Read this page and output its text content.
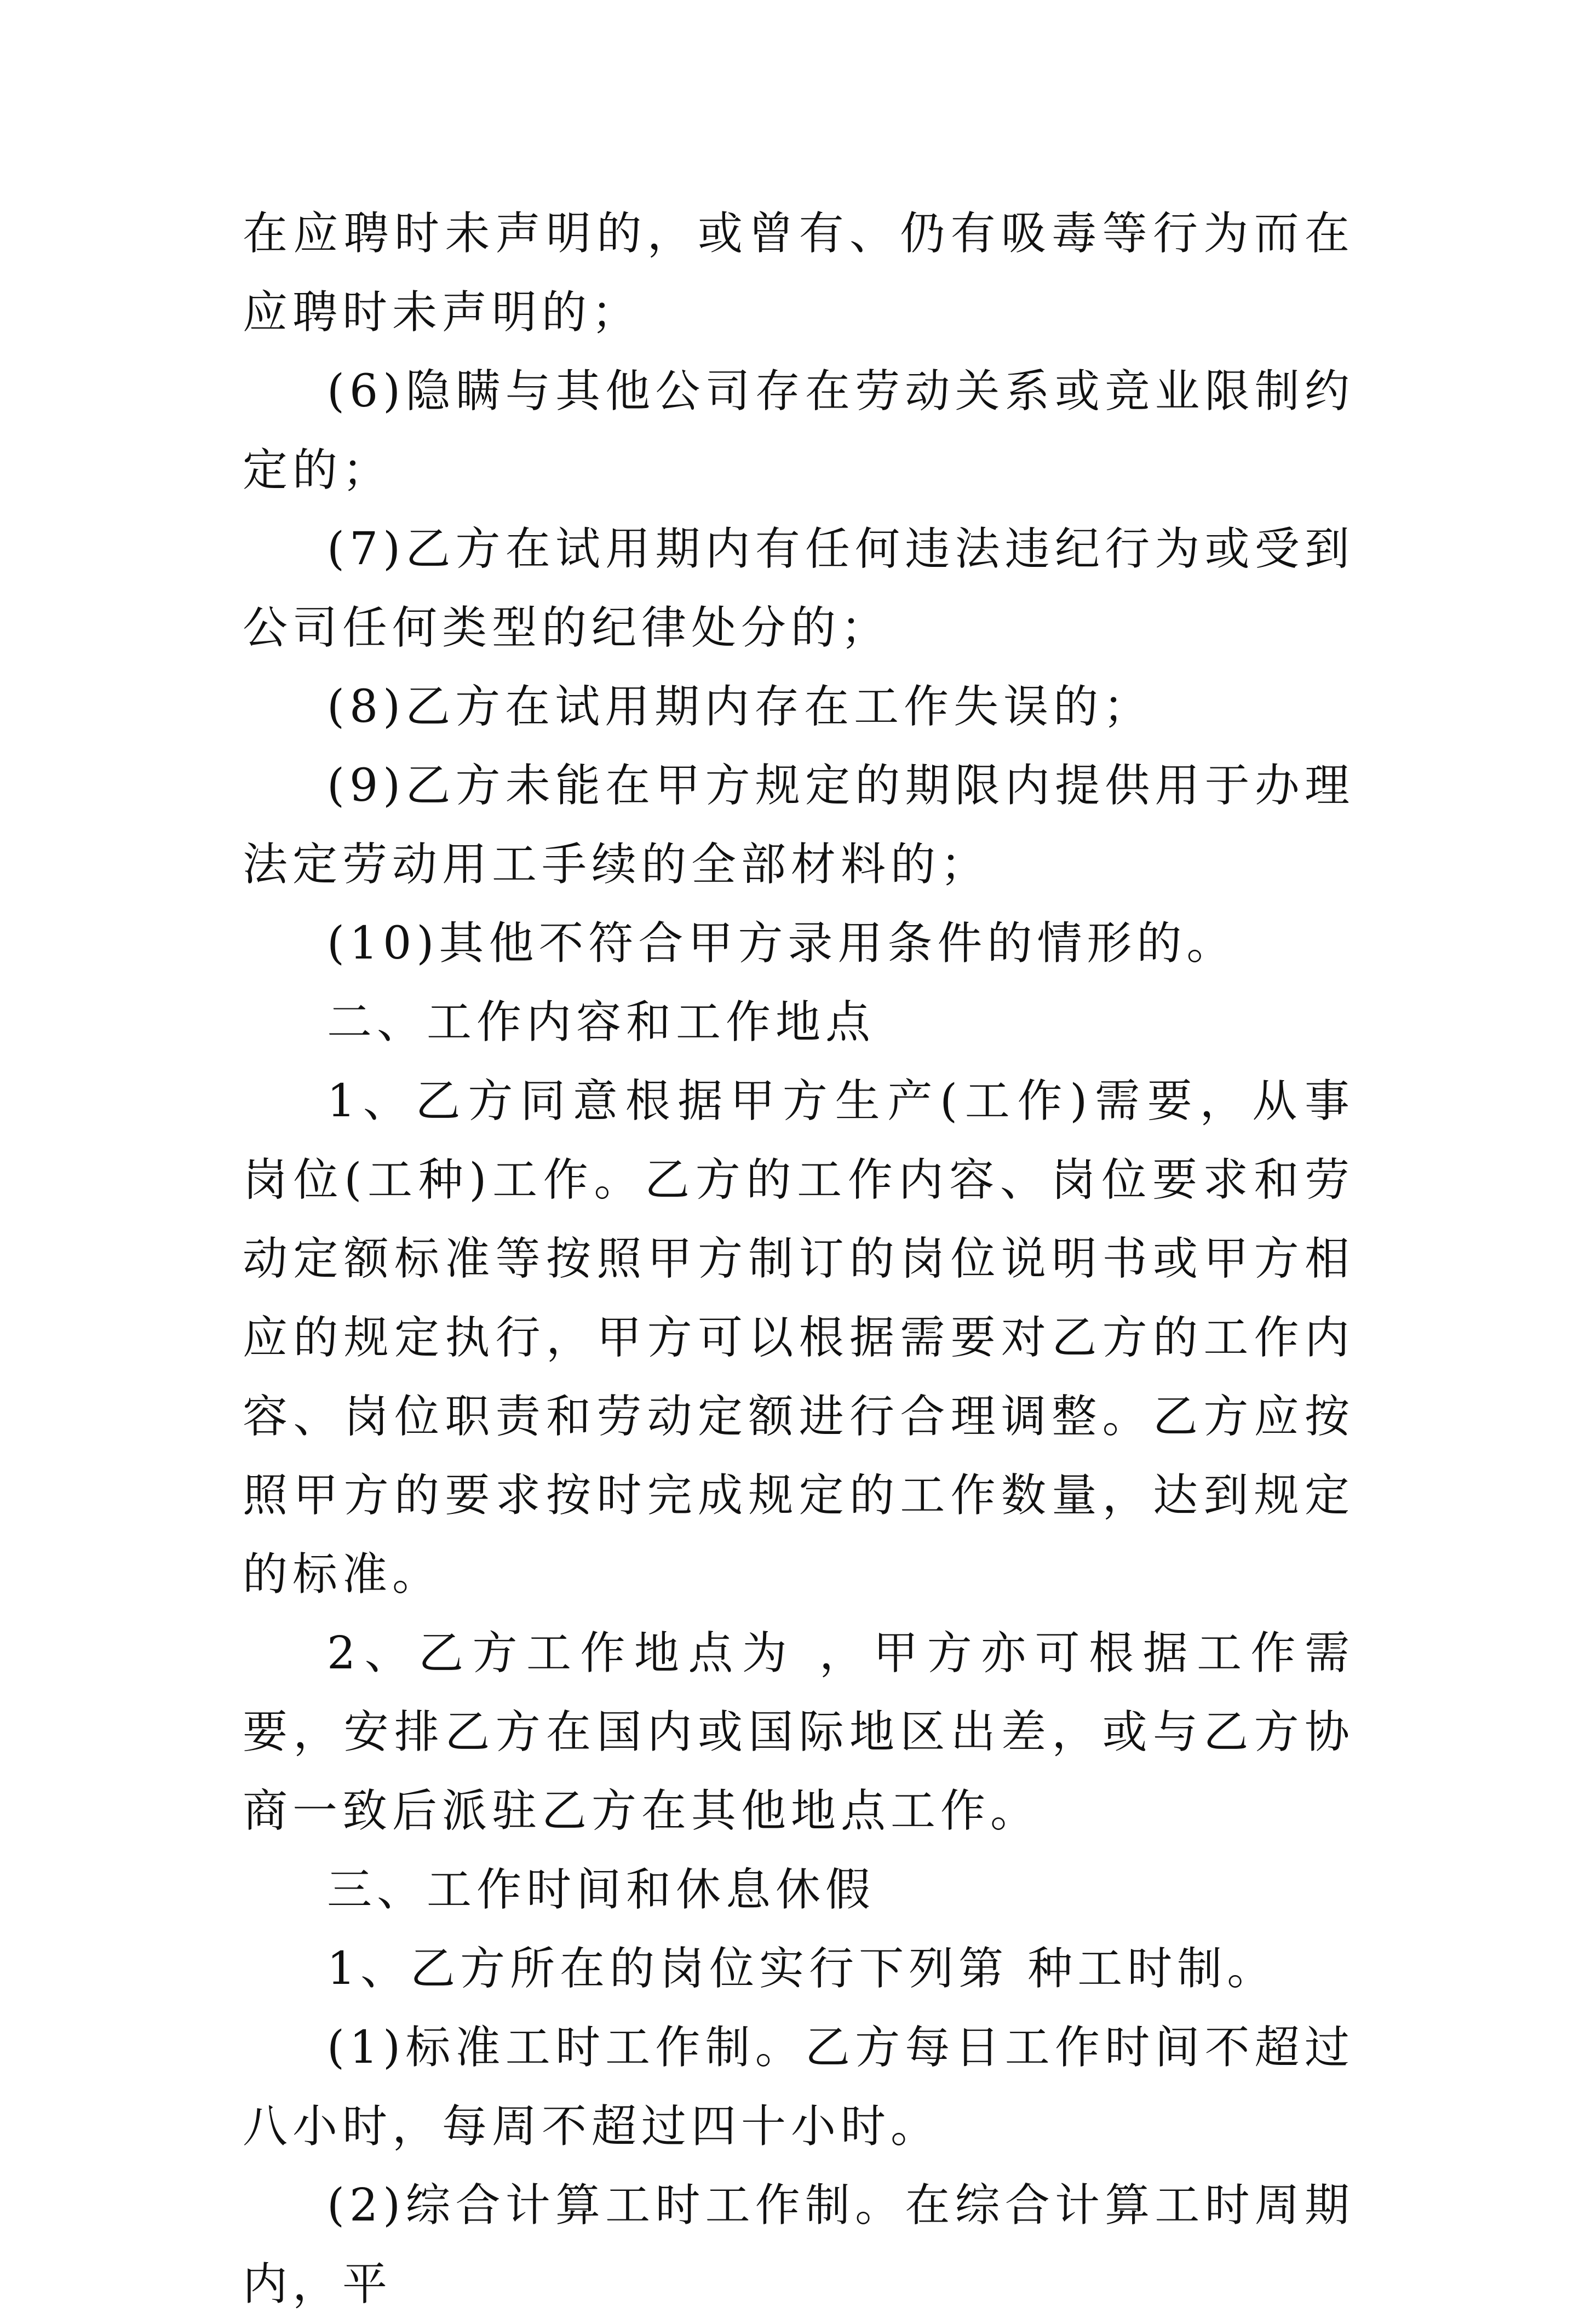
在应聘时未声明的，或曾有、仍有吸毒等行为而在应聘时未声明的；

(6)隐瞒与其他公司存在劳动关系或竞业限制约定的；

(7)乙方在试用期内有任何违法违纪行为或受到公司任何类型的纪律处分的；

(8)乙方在试用期内存在工作失误的；

(9)乙方未能在甲方规定的期限内提供用于办理法定劳动用工手续的全部材料的；

(10)其他不符合甲方录用条件的情形的。

二、工作内容和工作地点

1、乙方同意根据甲方生产(工作)需要，从事 岗位(工种)工作。乙方的工作内容、岗位要求和劳动定额标准等按照甲方制订的岗位说明书或甲方相应的规定执行，甲方可以根据需要对乙方的工作内容、岗位职责和劳动定额进行合理调整。乙方应按照甲方的要求按时完成规定的工作数量，达到规定的标准。

2、乙方工作地点为 ，甲方亦可根据工作需要，安排乙方在国内或国际地区出差，或与乙方协商一致后派驻乙方在其他地点工作。

三、工作时间和休息休假

1、乙方所在的岗位实行下列第 种工时制。

(1)标准工时工作制。乙方每日工作时间不超过八小时，每周不超过四十小时。

(2)综合计算工时工作制。在综合计算工时周期内，平
